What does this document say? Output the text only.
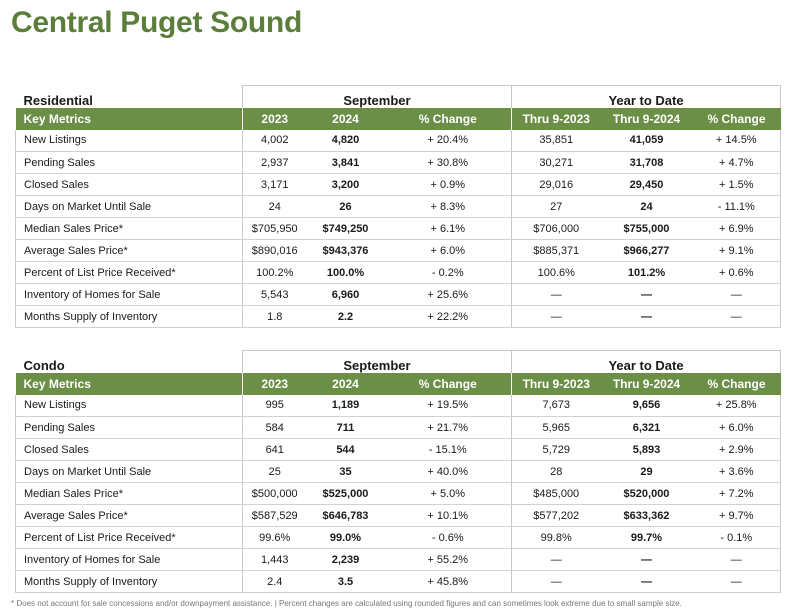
Central Puget Sound
Residential	September			Year to Date		
Key Metrics	2023	2024	% Change	Thru 9-2023	Thru 9-2024	% Change
New Listings	4,002	4,820	+ 20.4%	35,851	41,059	+ 14.5%
Pending Sales	2,937	3,841	+ 30.8%	30,271	31,708	+ 4.7%
Closed Sales	3,171	3,200	+ 0.9%	29,016	29,450	+ 1.5%
Days on Market Until Sale	24	26	+ 8.3%	27	24	- 11.1%
Median Sales Price*	$705,950	$749,250	+ 6.1%	$706,000	$755,000	+ 6.9%
Average Sales Price*	$890,016	$943,376	+ 6.0%	$885,371	$966,277	+ 9.1%
Percent of List Price Received*	100.2%	100.0%	- 0.2%	100.6%	101.2%	+ 0.6%
Inventory of Homes for Sale	5,543	6,960	+ 25.6%	—	—	—
Months Supply of Inventory	1.8	2.2	+ 22.2%	—	—	—
Condo	September			Year to Date		
Key Metrics	2023	2024	% Change	Thru 9-2023	Thru 9-2024	% Change
New Listings	995	1,189	+ 19.5%	7,673	9,656	+ 25.8%
Pending Sales	584	711	+ 21.7%	5,965	6,321	+ 6.0%
Closed Sales	641	544	- 15.1%	5,729	5,893	+ 2.9%
Days on Market Until Sale	25	35	+ 40.0%	28	29	+ 3.6%
Median Sales Price*	$500,000	$525,000	+ 5.0%	$485,000	$520,000	+ 7.2%
Average Sales Price*	$587,529	$646,783	+ 10.1%	$577,202	$633,362	+ 9.7%
Percent of List Price Received*	99.6%	99.0%	- 0.6%	99.8%	99.7%	- 0.1%
Inventory of Homes for Sale	1,443	2,239	+ 55.2%	—	—	—
Months Supply of Inventory	2.4	3.5	+ 45.8%	—	—	—
* Does not account for sale concessions and/or downpayment assistance. | Percent changes are calculated using rounded figures and can sometimes look extreme due to small sample size.
